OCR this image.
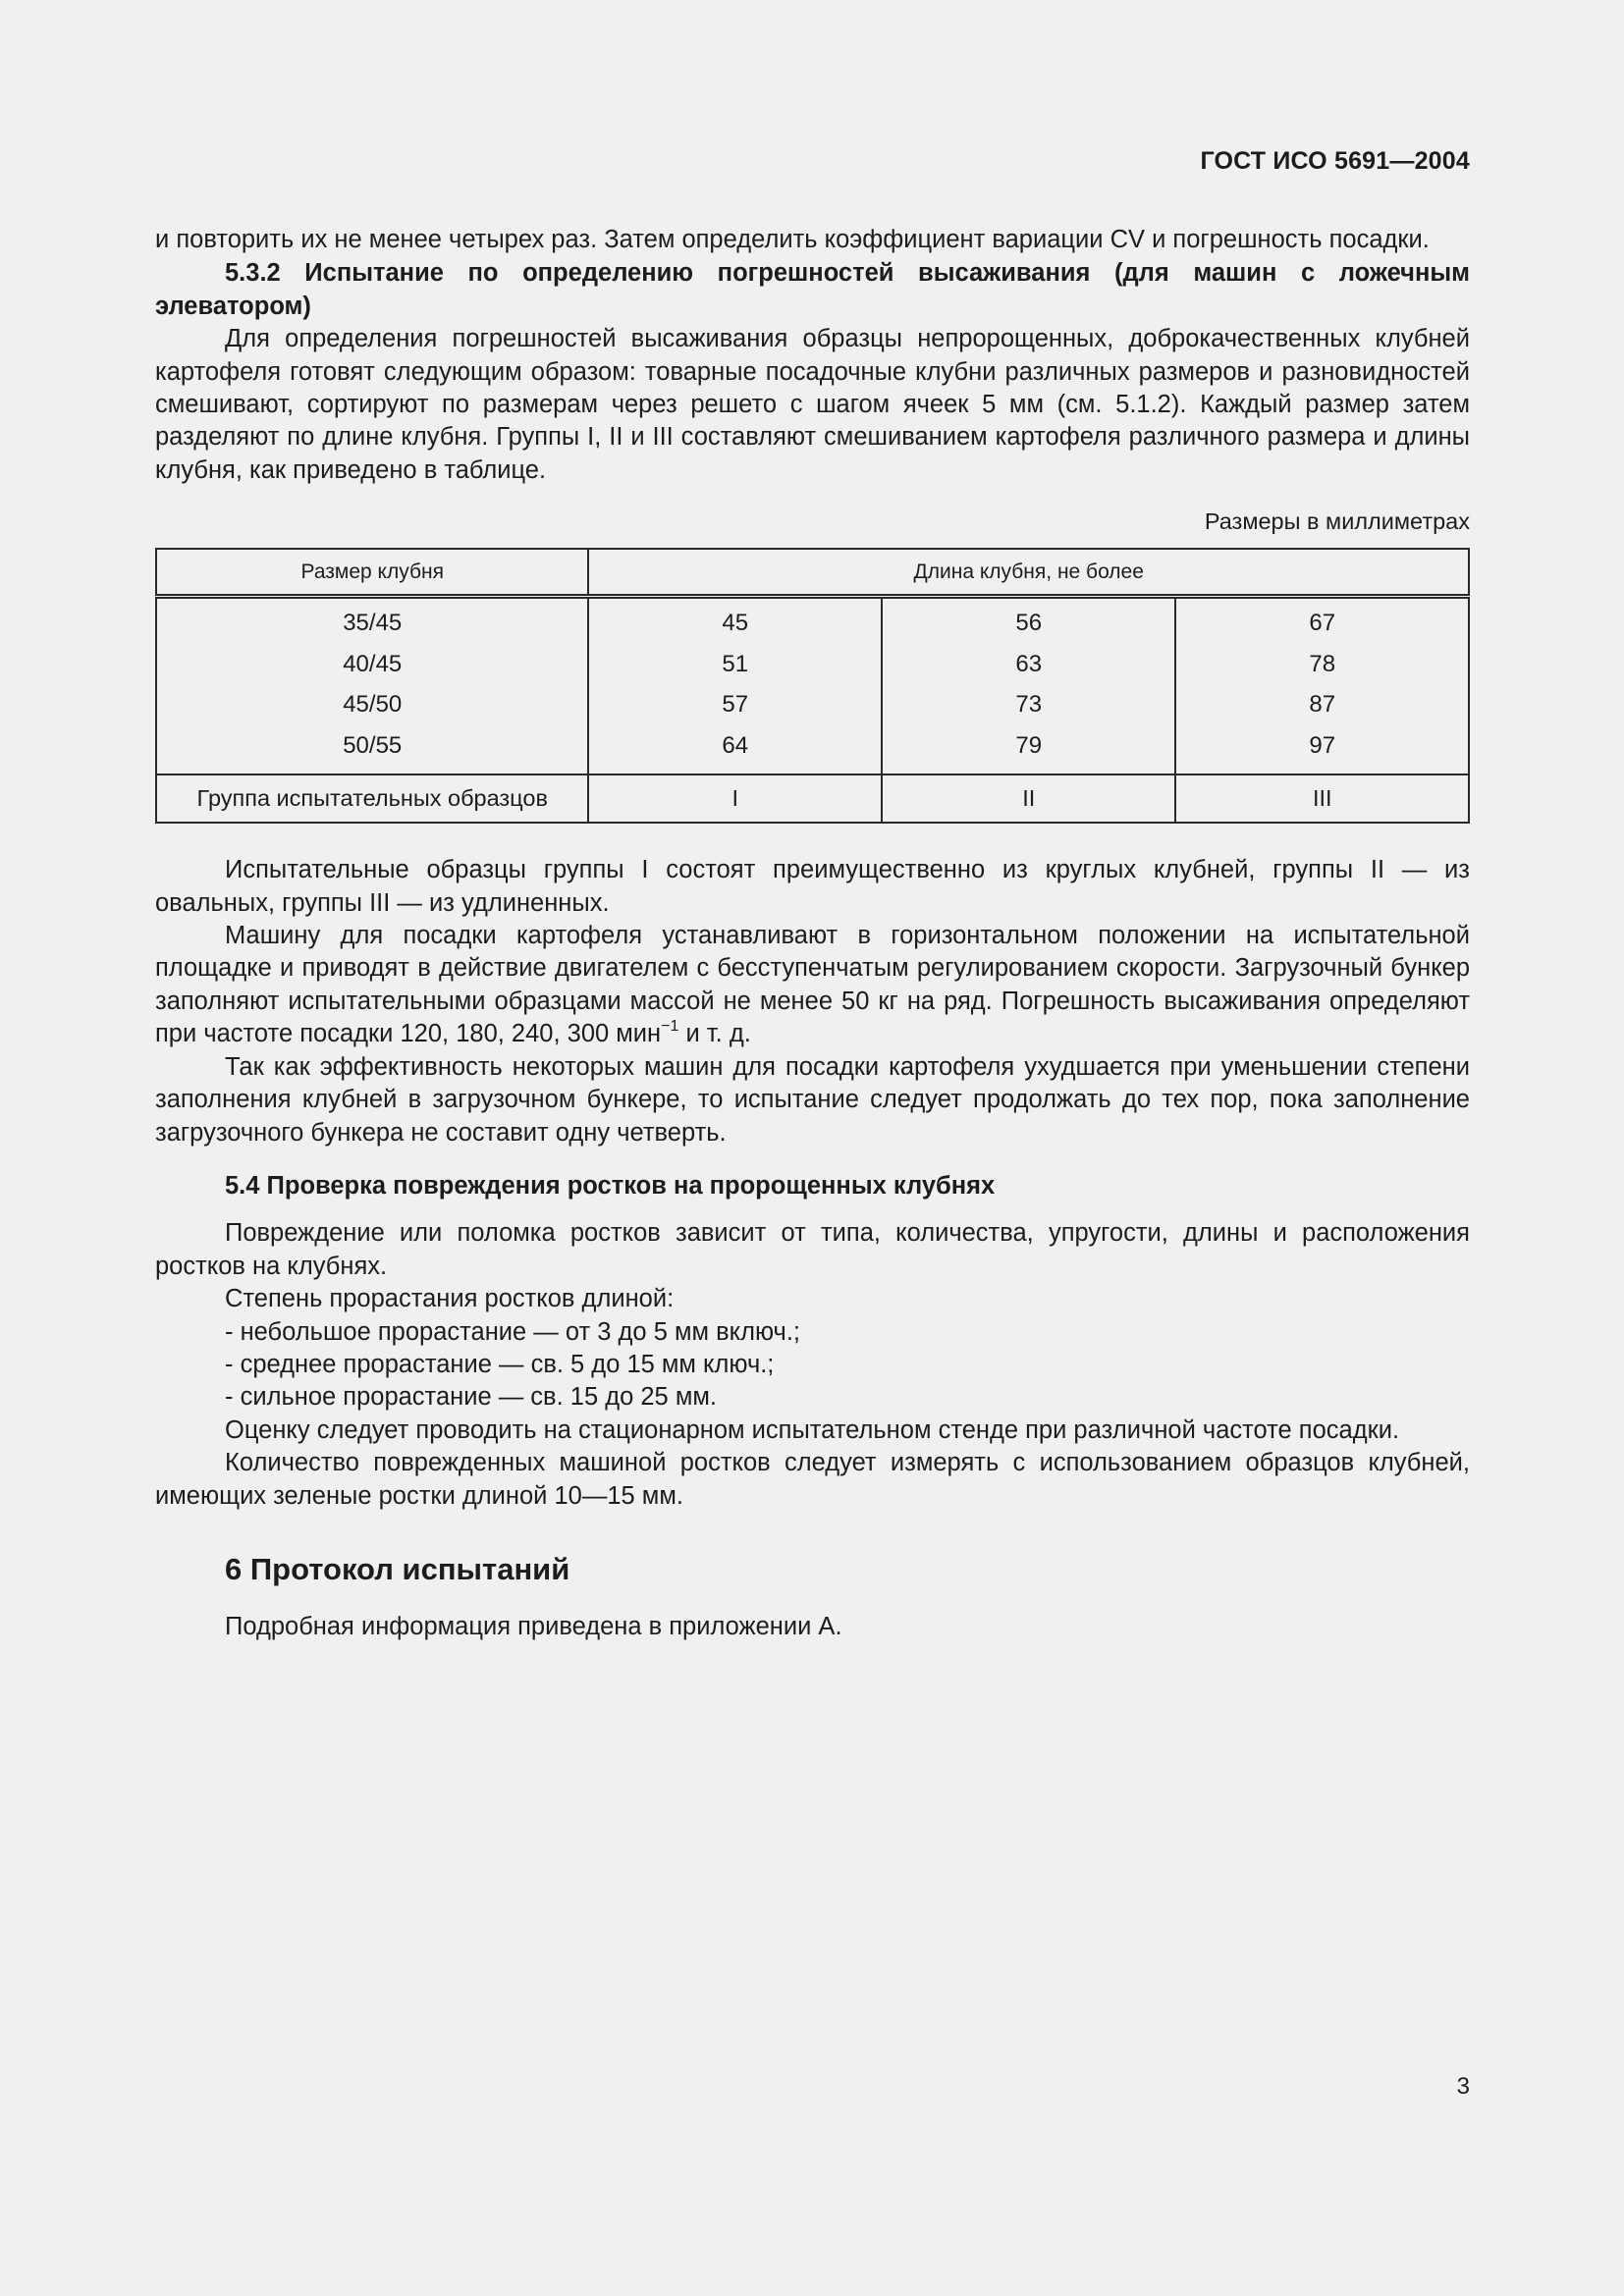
ГОСТ ИСО 5691—2004

и повторить их не менее четырех раз. Затем определить коэффициент вариации CV и погрешность посадки.

5.3.2 Испытание по определению погрешностей высаживания (для машин с ложечным элеватором)

Для определения погрешностей высаживания образцы непророщенных, доброкачественных клубней картофеля готовят следующим образом: товарные посадочные клубни различных размеров и разновидностей смешивают, сортируют по размерам через решето с шагом ячеек 5 мм (см. 5.1.2). Каждый размер затем разделяют по длине клубня. Группы I, II и III составляют смешиванием картофеля различного размера и длины клубня, как приведено в таблице.

Размеры в миллиметрах

Размер клубня	Длина клубня, не более		
35/45	45	56	67
40/45	51	63	78
45/50	57	73	87
50/55	64	79	97
Группа испытательных образцов	I	II	III

Испытательные образцы группы I состоят преимущественно из круглых клубней, группы II — из овальных, группы III — из удлиненных.

Машину для посадки картофеля устанавливают в горизонтальном положении на испытательной площадке и приводят в действие двигателем с бесступенчатым регулированием скорости. Загрузочный бункер заполняют испытательными образцами массой не менее 50 кг на ряд. Погрешность высаживания определяют при частоте посадки 120, 180, 240, 300 мин$^{-1}$ и т. д.

Так как эффективность некоторых машин для посадки картофеля ухудшается при уменьшении степени заполнения клубней в загрузочном бункере, то испытание следует продолжать до тех пор, пока заполнение загрузочного бункера не составит одну четверть.

5.4 Проверка повреждения ростков на пророщенных клубнях

Повреждение или поломка ростков зависит от типа, количества, упругости, длины и расположения ростков на клубнях.

Степень прорастания ростков длиной:

- небольшое прорастание — от 3 до 5 мм включ.;

- среднее прорастание — св. 5 до 15 мм ключ.;

- сильное прорастание — св. 15 до 25 мм.

Оценку следует проводить на стационарном испытательном стенде при различной частоте посадки.

Количество поврежденных машиной ростков следует измерять с использованием образцов клубней, имеющих зеленые ростки длиной 10—15 мм.

6 Протокол испытаний

Подробная информация приведена в приложении А.

3
